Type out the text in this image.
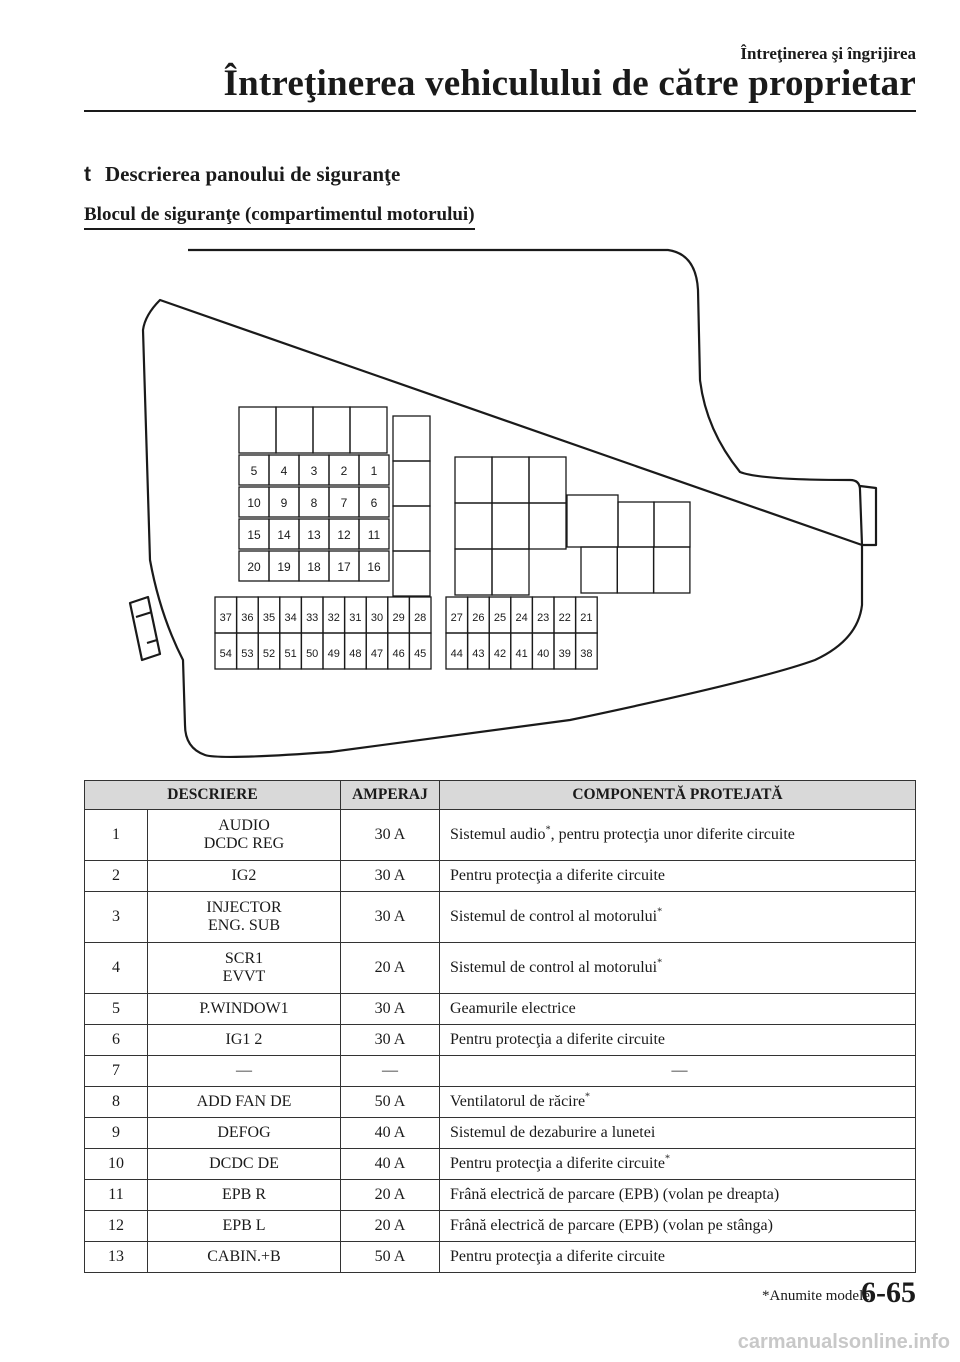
Întreţinerea şi îngrijirea
Întreţinerea vehiculului de către proprietar
t Descrierea panoului de siguranţe
Blocul de siguranţe (compartimentul motorului)
5 4 3 2 1
10 9 8 7 6
15 14 13 12 11
20 19 18 17 16
37 36 35 34 33 32 31 30 29 28
54 53 52 51 50 49 48 47 46 45
27 26 25 24 23 22 21
44 43 42 41 40 39 38
DESCRIERE		AMPERAJ	COMPONENTĂ PROTEJATĂ
1	AUDIO
DCDC REG	30 A	Sistemul audio*, pentru protecţia unor diferite circuite
2	IG2	30 A	Pentru protecţia a diferite circuite
3	INJECTOR
ENG. SUB	30 A	Sistemul de control al motorului*
4	SCR1
EVVT	20 A	Sistemul de control al motorului*
5	P.WINDOW1	30 A	Geamurile electrice
6	IG1 2	30 A	Pentru protecţia a diferite circuite
7	—	—	—
8	ADD FAN DE	50 A	Ventilatorul de răcire*
9	DEFOG	40 A	Sistemul de dezaburire a lunetei
10	DCDC DE	40 A	Pentru protecţia a diferite circuite*
11	EPB R	20 A	Frână electrică de parcare (EPB) (volan pe dreapta)
12	EPB L	20 A	Frână electrică de parcare (EPB) (volan pe stânga)
13	CABIN.+B	50 A	Pentru protecţia a diferite circuite
*Anumite modele.
6-65
carmanualsonline.info
